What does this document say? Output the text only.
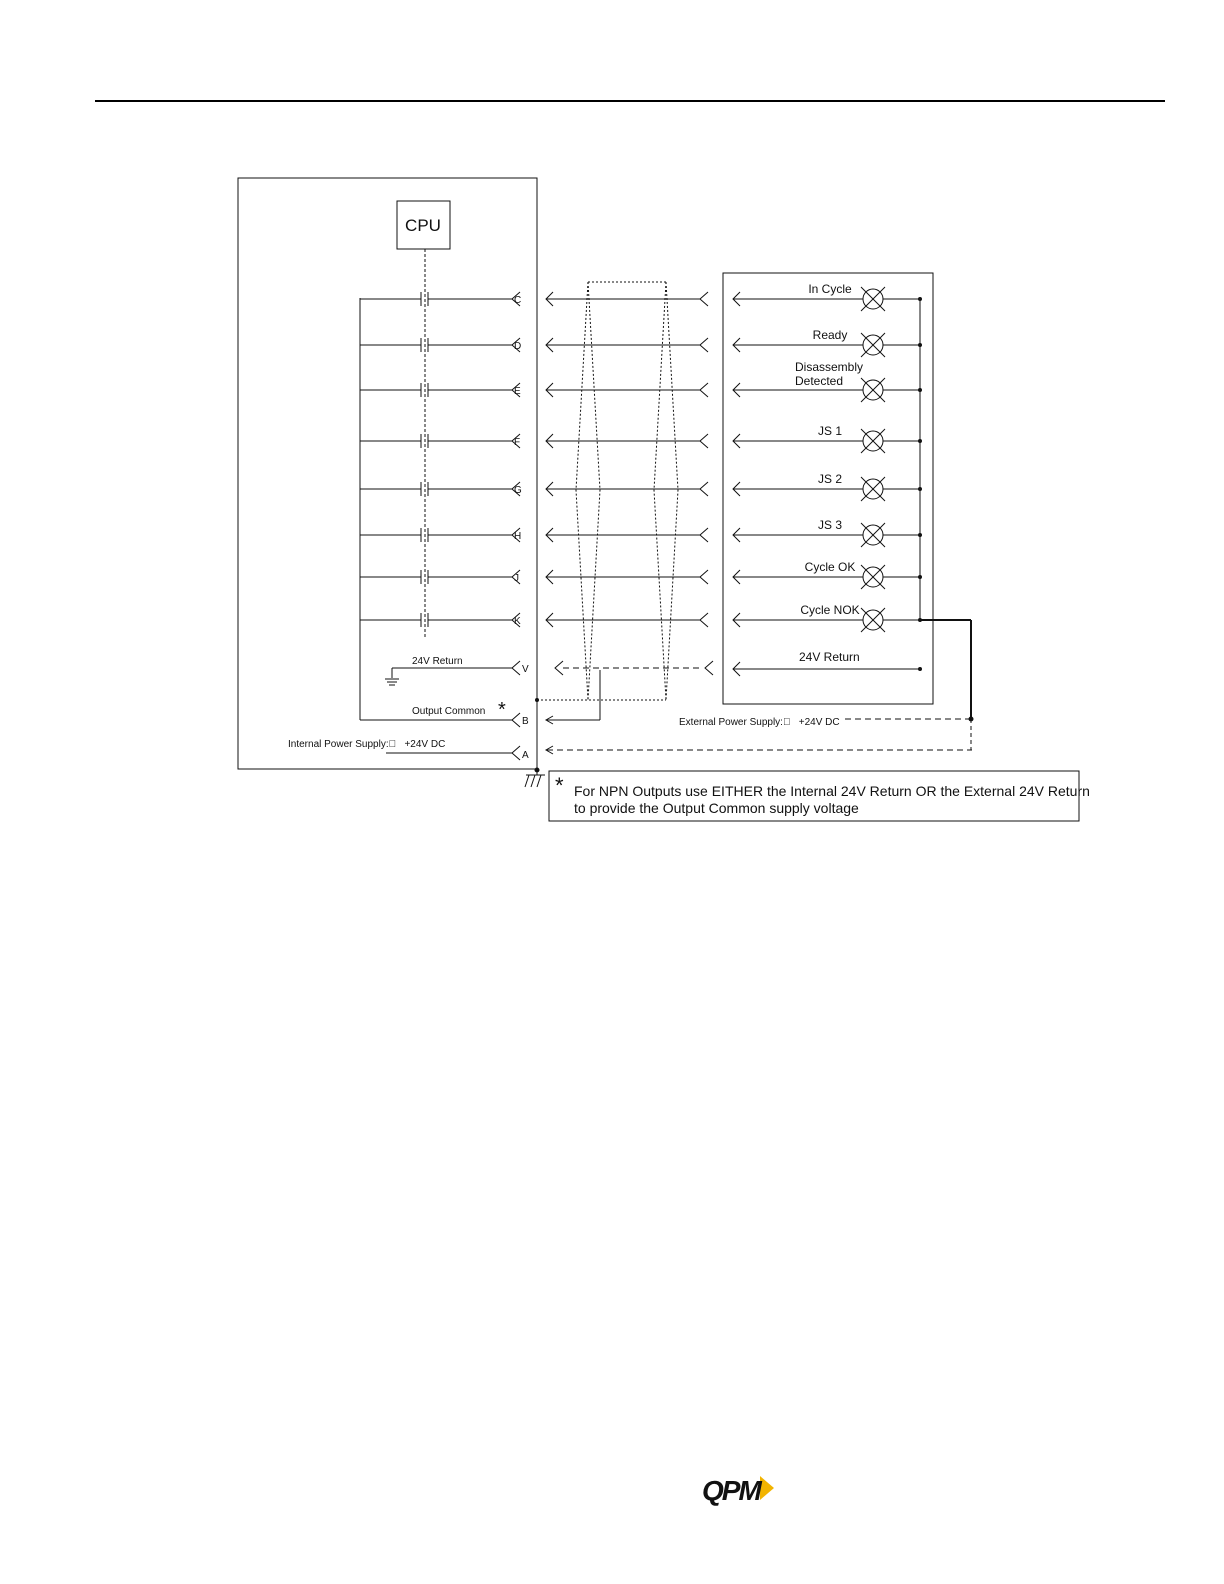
CPU
C
In Cycle
D
Ready
E
Disassembly
Detected
F
JS 1
G
JS 2
H
JS 3
J
Cycle OK
K
Cycle NOK
24V Return
V
24V Return
Output Common *
B
Internal Power Supply:⃣   +24V DC
A
External Power Supply:⃣   +24V DC
* For NPN Outputs use EITHER the Internal 24V Return OR the External 24V Return
to provide the Output Common supply voltage
QPM
